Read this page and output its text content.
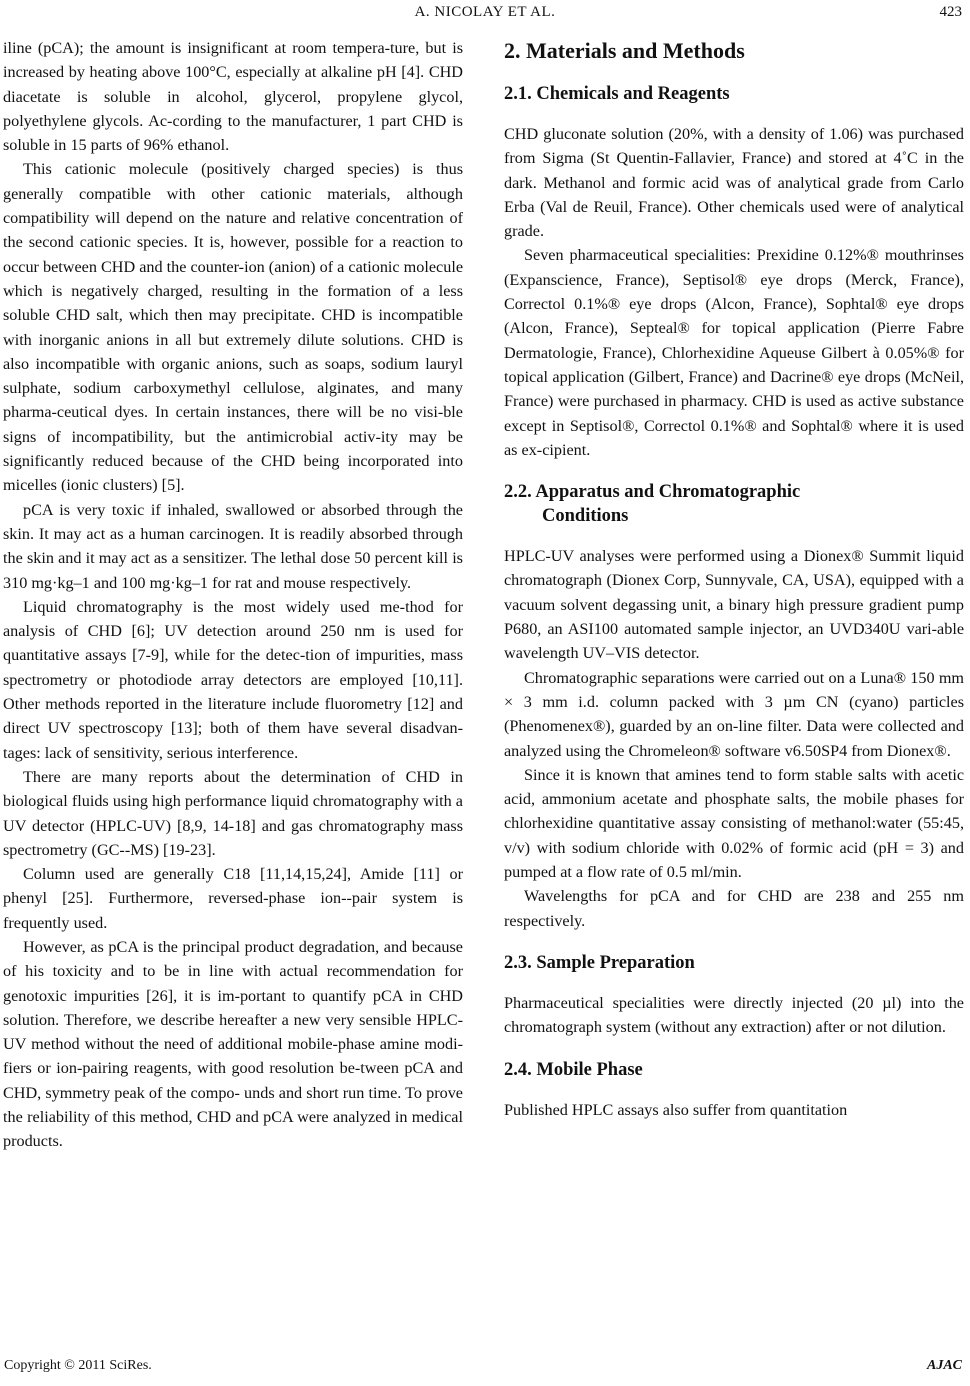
A. NICOLAY ET AL.	423

iline (pCA); the amount is insignificant at room tempera-ture, but is increased by heating above 100°C, especially at alkaline pH [4]. CHD diacetate is soluble in alcohol, glycerol, propylene glycol, polyethylene glycols. Ac-cording to the manufacturer, 1 part CHD is soluble in 15 parts of 96% ethanol.

This cationic molecule (positively charged species) is thus generally compatible with other cationic materials, although compatibility will depend on the nature and relative concentration of the second cationic species. It is, however, possible for a reaction to occur between CHD and the counter-ion (anion) of a cationic molecule which is negatively charged, resulting in the formation of a less soluble CHD salt, which then may precipitate. CHD is incompatible with inorganic anions in all but extremely dilute solutions. CHD is also incompatible with organic anions, such as soaps, sodium lauryl sulphate, sodium carboxymethyl cellulose, alginates, and many pharma-ceutical dyes. In certain instances, there will be no visi-ble signs of incompatibility, but the antimicrobial activ-ity may be significantly reduced because of the CHD being incorporated into micelles (ionic clusters) [5].

pCA is very toxic if inhaled, swallowed or absorbed through the skin. It may act as a human carcinogen. It is readily absorbed through the skin and it may act as a sensitizer. The lethal dose 50 percent kill is 310 mg·kg–1 and 100 mg·kg–1 for rat and mouse respectively.

Liquid chromatography is the most widely used me-thod for analysis of CHD [6]; UV detection around 250 nm is used for quantitative assays [7-9], while for the detec-tion of impurities, mass spectrometry or photodiode array detectors are employed [10,11]. Other methods reported in the literature include fluorometry [12] and direct UV spectroscopy [13]; both of them have several disadvan-tages: lack of sensitivity, serious interference.

There are many reports about the determination of CHD in biological fluids using high performance liquid chromatography with a UV detector (HPLC-UV) [8,9, 14-18] and gas chromatography mass spectrometry (GC--MS) [19-23].

Column used are generally C18 [11,14,15,24], Amide [11] or phenyl [25]. Furthermore, reversed-phase ion--pair system is frequently used.

However, as pCA is the principal product degradation, and because of his toxicity and to be in line with actual recommendation for genotoxic impurities [26], it is im-portant to quantify pCA in CHD solution. Therefore, we describe hereafter a new very sensible HPLC-UV method without the need of additional mobile-phase amine modi-fiers or ion-pairing reagents, with good resolution be-tween pCA and CHD, symmetry peak of the compo- unds and short run time. To prove the reliability of this method, CHD and pCA were analyzed in medical products.

2. Materials and Methods
2.1. Chemicals and Reagents

CHD gluconate solution (20%, with a density of 1.06) was purchased from Sigma (St Quentin-Fallavier, France) and stored at 4˚C in the dark. Methanol and formic acid was of analytical grade from Carlo Erba (Val de Reuil, France). Other chemicals used were of analytical grade.

Seven pharmaceutical specialities: Prexidine 0.12%® mouthrinses (Expanscience, France), Septisol® eye drops (Merck, France), Correctol 0.1%® eye drops (Alcon, France), Sophtal® eye drops (Alcon, France), Septeal® for topical application (Pierre Fabre Dermatologie, France), Chlorhexidine Aqueuse Gilbert à 0.05%® for topical application (Gilbert, France) and Dacrine® eye drops (McNeil, France) were purchased in pharmacy. CHD is used as active substance except in Septisol®, Correctol 0.1%® and Sophtal® where it is used as ex-cipient.

2.2. Apparatus and Chromatographic
Conditions

HPLC-UV analyses were performed using a Dionex® Summit liquid chromatograph (Dionex Corp, Sunnyvale, CA, USA), equipped with a vacuum solvent degassing unit, a binary high pressure gradient pump P680, an ASI100 automated sample injector, an UVD340U vari-able wavelength UV–VIS detector.

Chromatographic separations were carried out on a Luna® 150 mm × 3 mm i.d. column packed with 3 µm CN (cyano) particles (Phenomenex®), guarded by an on-line filter. Data were collected and analyzed using the Chromeleon® software v6.50SP4 from Dionex®.

Since it is known that amines tend to form stable salts with acetic acid, ammonium acetate and phosphate salts, the mobile phases for chlorhexidine quantitative assay consisting of methanol:water (55:45, v/v) with sodium chloride with 0.02% of formic acid (pH = 3) and pumped at a flow rate of 0.5 ml/min.

Wavelengths for pCA and for CHD are 238 and 255 nm respectively.

2.3. Sample Preparation

Pharmaceutical specialities were directly injected (20 µl) into the chromatograph system (without any extraction) after or not dilution.

2.4. Mobile Phase

Published HPLC assays also suffer from quantitation

Copyright © 2011 SciRes.	AJAC
